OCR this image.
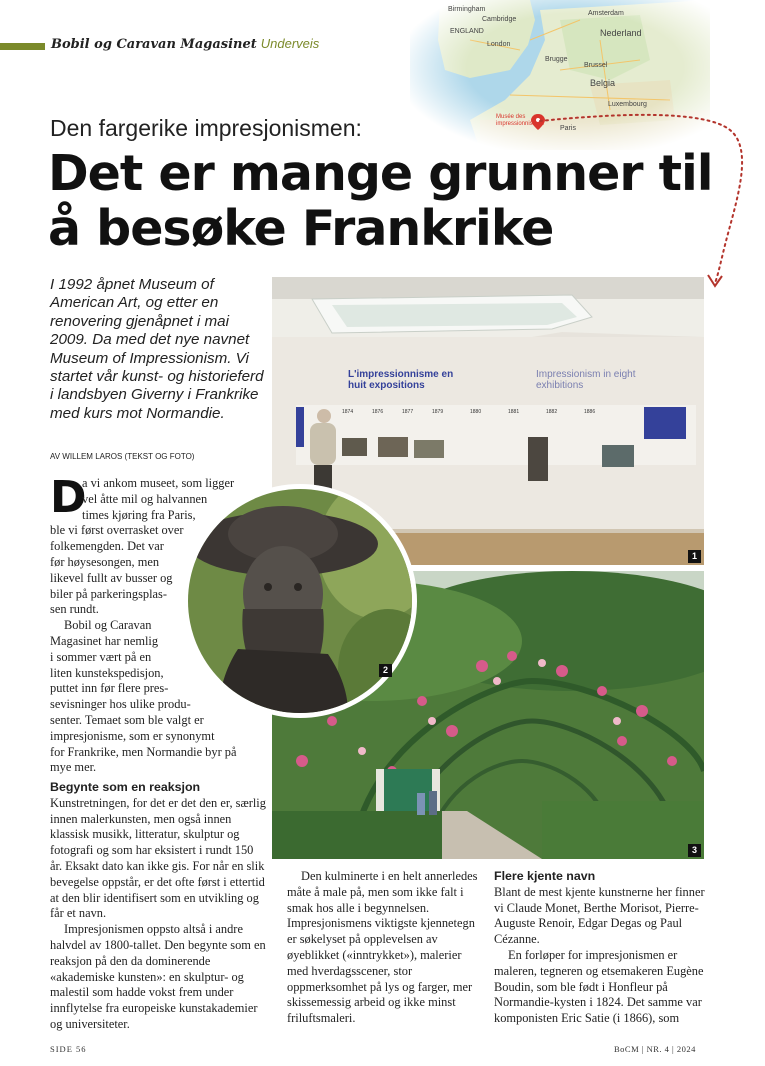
Bobil og Caravan Magasinet Underveis
Birmingham
Cambridge
ENGLAND
London
Amsterdam
Nederland
Brugge
Brussel
Belgia
Luxembourg
Paris
Musée des impressionnismes
Den fargerike impresjonismen:
Det er mange grunner til å besøke Frankrike
I 1992 åpnet Museum of American Art, og etter en renovering gjenåpnet i mai 2009. Da med det nye navnet Museum of Impressionism. Vi startet vår kunst- og historieferd i landsbyen Giverny i Frankrike med kurs mot Normandie.
AV WILLEM LAROS (TEKST OG FOTO)
L'impressionnisme en huit expositions
Impressionism in eight exhibitions
1874	1876	1877	1879	1880	1881	1882	1886
1
3
2
D
a vi ankom museet, som ligger
vel åtte mil og halvannen
times kjøring fra Paris,
ble vi først overrasket over
folkemengden. Det var
før høysesongen, men
likevel fullt av busser og
biler på parkeringsplas-
sen rundt.
Bobil og Caravan
Magasinet har nemlig
i sommer vært på en
liten kunstekspedisjon,
puttet inn før flere pres-
sevisninger hos ulike produ-
senter. Temaet som ble valgt er
impresjonisme, som er synonymt
for Frankrike, men Normandie byr på
mye mer.

Begynte som en reaksjon

Kunstretningen, for det er det den er, særlig innen malerkunsten, men også innen klassisk musikk, litteratur, skulptur og fotografi og som har eksistert i rundt 150 år. Eksakt dato kan ikke gis. For når en slik bevegelse oppstår, er det ofte først i ettertid at den blir identifisert som en utvikling og får et navn.

Impresjonismen oppsto altså i andre halvdel av 1800-tallet. Den begynte som en reaksjon på den da dominerende «akademiske kunsten»: en skulptur- og malestil som hadde vokst frem under innflytelse fra europeiske kunstakademier og universiteter.

Den kulminerte i en helt annerledes måte å male på, men som ikke falt i smak hos alle i begynnelsen. Impresjonismens viktigste kjennetegn er søkelyset på opplevelsen av øyeblikket («inntrykket»), malerier med hverdagsscener, stor oppmerksomhet på lys og farger, mer skissemessig arbeid og ikke minst friluftsmaleri.

Flere kjente navn

Blant de mest kjente kunstnerne her finner vi Claude Monet, Berthe Morisot, Pierre-Auguste Renoir, Edgar Degas og Paul Cézanne.

En forløper for impresjonismen er maleren, tegneren og etsemakeren Eugène Boudin, som ble født i Honfleur på Normandie-kysten i 1824. Det samme var komponisten Eric Satie (i 1866), som

SIDE 56	BoCM | NR. 4 | 2024
